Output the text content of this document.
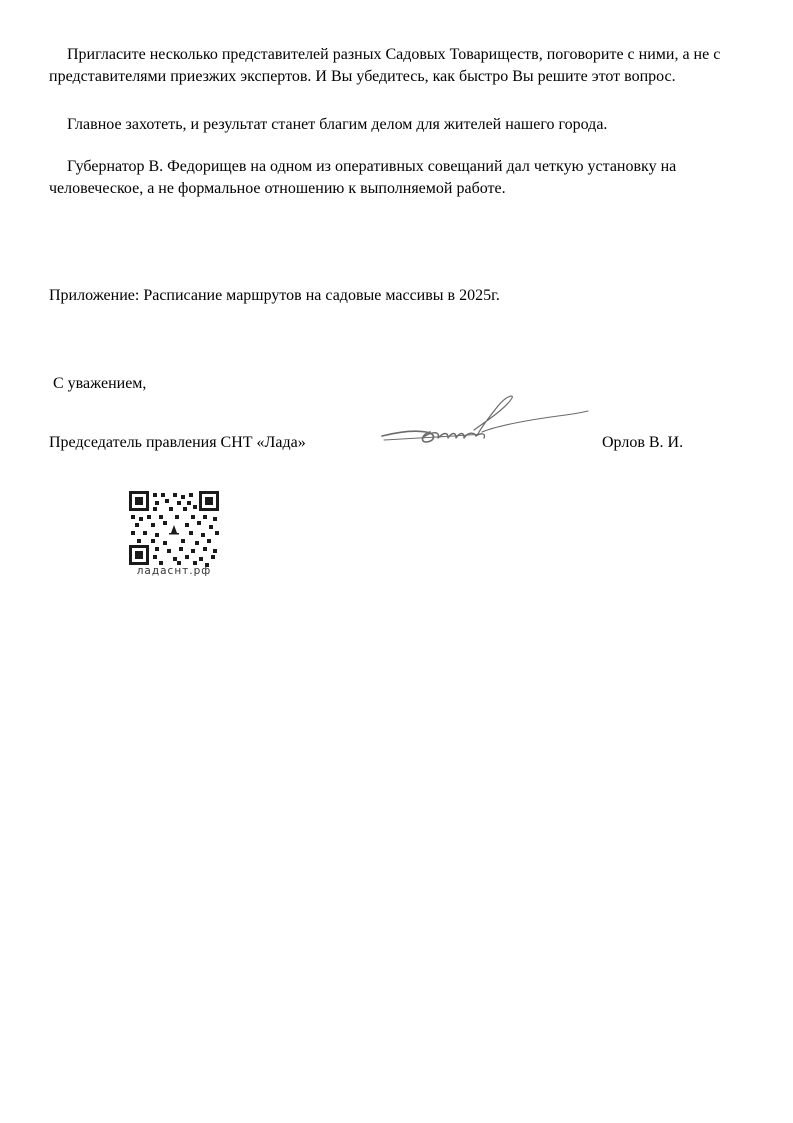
Пригласите несколько представителей разных Садовых Товариществ, поговорите с ними, а не с представителями приезжих экспертов. И Вы убедитесь, как быстро Вы решите этот вопрос.

Главное захотеть, и результат станет благим делом для жителей нашего города.

Губернатор В. Федорищев на одном из оперативных совещаний дал четкую установку на человеческое, а не формальное отношению к выполняемой работе.

Приложение: Расписание маршрутов на садовые массивы в 2025г.

С уважением,

Председатель правления СНТ «Лада»	Орлов В. И.

ладаснт.рф
